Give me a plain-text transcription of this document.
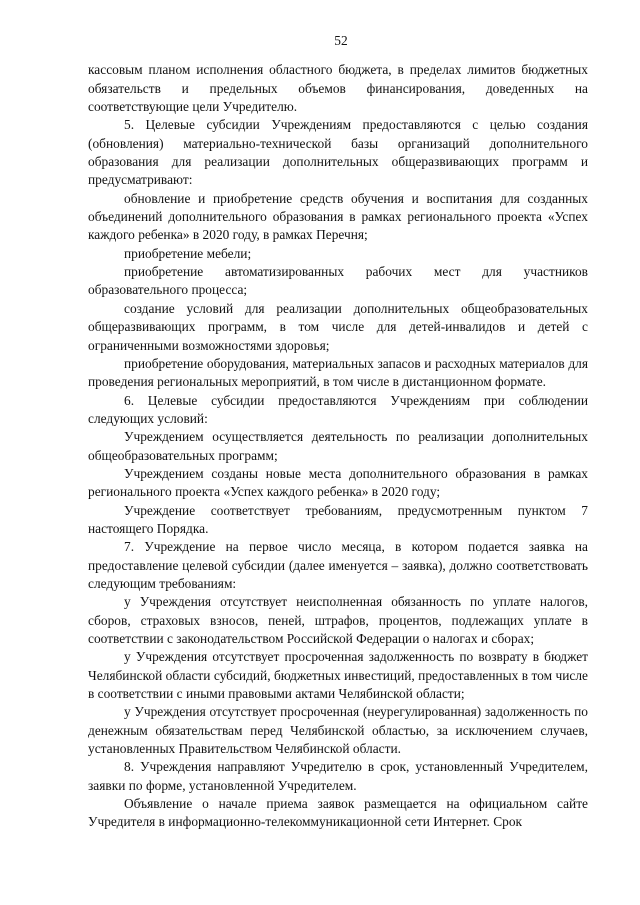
52

кассовым планом исполнения областного бюджета, в пределах лимитов бюджетных обязательств и предельных объемов финансирования, доведенных на соответствующие цели Учредителю.

5. Целевые субсидии Учреждениям предоставляются с целью создания (обновления) материально-технической базы организаций дополнительного образования для реализации дополнительных общеразвивающих программ и предусматривают:

обновление и приобретение средств обучения и воспитания для созданных объединений дополнительного образования в рамках регионального проекта «Успех каждого ребенка» в 2020 году, в рамках Перечня;

приобретение мебели;

приобретение автоматизированных рабочих мест для участников образовательного процесса;

создание условий для реализации дополнительных общеобразовательных общеразвивающих программ, в том числе для детей-инвалидов и детей с ограниченными возможностями здоровья;

приобретение оборудования, материальных запасов и расходных материалов для проведения региональных мероприятий, в том числе в дистанционном формате.

6. Целевые субсидии предоставляются Учреждениям при соблюдении следующих условий:

Учреждением осуществляется деятельность по реализации дополнительных общеобразовательных программ;

Учреждением созданы новые места дополнительного образования в рамках регионального проекта «Успех каждого ребенка» в 2020 году;

Учреждение соответствует требованиям, предусмотренным пунктом 7 настоящего Порядка.

7. Учреждение на первое число месяца, в котором подается заявка на предоставление целевой субсидии (далее именуется – заявка), должно соответствовать следующим требованиям:

у Учреждения отсутствует неисполненная обязанность по уплате налогов, сборов, страховых взносов, пеней, штрафов, процентов, подлежащих уплате в соответствии с законодательством Российской Федерации о налогах и сборах;

у Учреждения отсутствует просроченная задолженность по возврату в бюджет Челябинской области субсидий, бюджетных инвестиций, предоставленных в том числе в соответствии с иными правовыми актами Челябинской области;

у Учреждения отсутствует просроченная (неурегулированная) задолженность по денежным обязательствам перед Челябинской областью, за исключением случаев, установленных Правительством Челябинской области.

8. Учреждения направляют Учредителю в срок, установленный Учредителем, заявки по форме, установленной Учредителем.

Объявление о начале приема заявок размещается на официальном сайте Учредителя в информационно-телекоммуникационной сети Интернет. Срок
